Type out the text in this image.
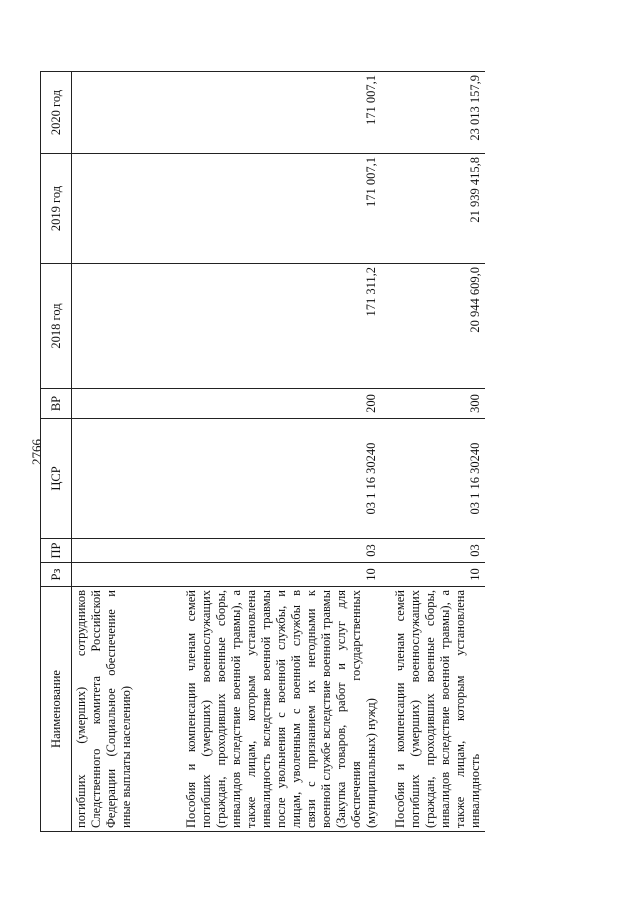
2766
Наименование	Рз	ПР	ЦСР	ВР	2018 год	2019 год	2020 год
погибших (умерших) сотрудников Следственного комитета Российской Федерации (Социальное обеспечение и иные выплаты населению)							
Пособия и компенсации членам семей погибших (умерших) военнослужащих (граждан, проходивших военные сборы, инвалидов вследствие военной травмы), а также лицам, которым установлена инвалидность вследствие военной травмы после увольнения с военной службы, и лицам, уволенным с военной службы в связи с признанием их негодными к военной службе вследствие военной травмы (Закупка товаров, работ и услуг для обеспечения государственных (муниципальных) нужд)	10	03	03 1 16 30240	200	171 311,2	171 007,1	171 007,1
Пособия и компенсации членам семей погибших (умерших) военнослужащих (граждан, проходивших военные сборы, инвалидов вследствие военной травмы), а также лицам, которым установлена инвалидность	10	03	03 1 16 30240	300	20 944 609,0	21 939 415,8	23 013 157,9
